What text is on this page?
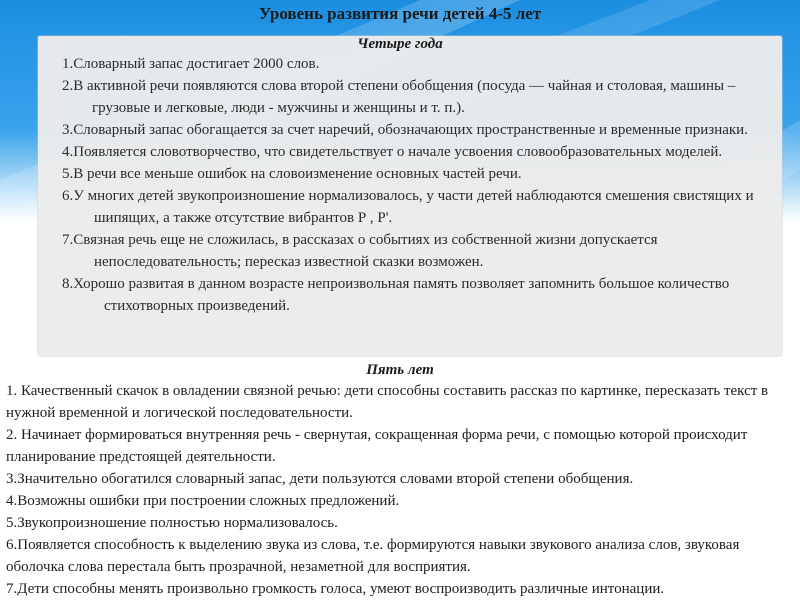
Уровень развития речи детей 4-5 лет
Четыре года
1.Словарный запас достигает 2000 слов.
2.В активной речи появляются слова второй степени обобщения (посуда — чайная и столовая, машины – грузовые и легковые, люди - мужчины и женщины и т. п.).
3.Словарный запас обогащается за счет наречий, обозначающих пространственные и временные признаки.
4.Появляется словотворчество, что свидетельствует о начале усвоения словообразовательных моделей.
5.В речи все меньше ошибок на словоизменение основных частей речи.
6.У многих детей звукопроизношение нормализовалось, у части детей наблюдаются смешения свистящих и шипящих, а также отсутствие вибрантов Р , Р'.
7.Связная речь еще не сложилась, в рассказах о событиях из собственной жизни допускается непоследовательность; пересказ известной сказки возможен.
8.Хорошо развитая в данном возрасте непроизвольная память позволяет запомнить большое количество стихотворных произведений.
Пять лет
1. Качественный скачок в овладении связной речью: дети способны составить рассказ по картинке, пересказать текст в нужной временной и логической последовательности.
2. Начинает формироваться внутренняя речь - свернутая, сокращенная форма речи, с помощью которой происходит планирование предстоящей деятельности.
3.Значительно обогатился словарный запас, дети пользуются словами второй степени обобщения.
4.Возможны ошибки при построении сложных предложений.
5.Звукопроизношение полностью нормализовалось.
6.Появляется способность к выделению звука из слова, т.е. формируются навыки звукового анализа слов, звуковая оболочка слова перестала быть прозрачной, незаметной для восприятия.
7.Дети способны менять произвольно громкость голоса, умеют воспроизводить различные интонации.
